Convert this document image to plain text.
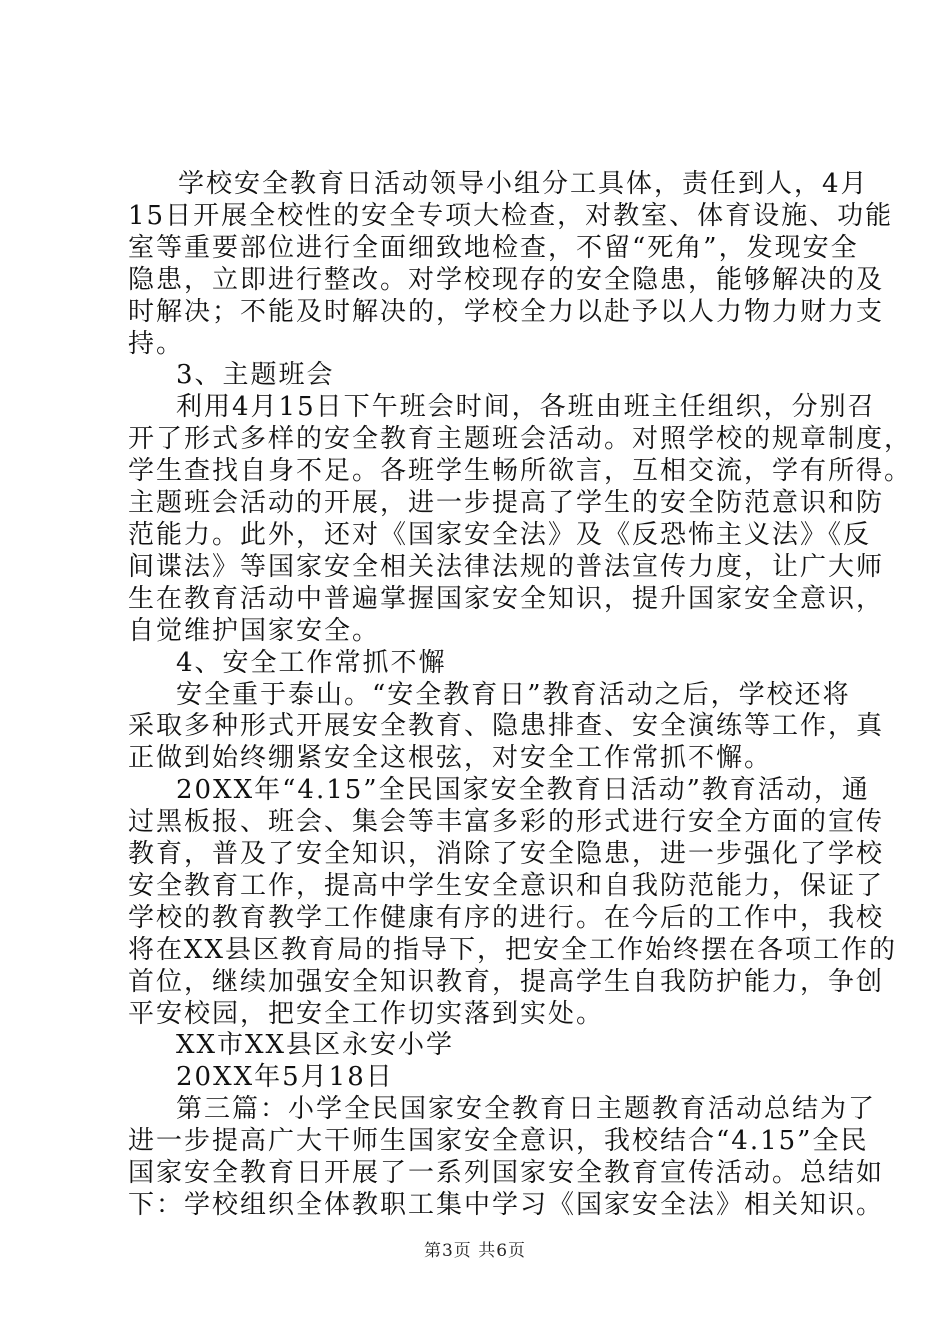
学校安全教育日活动领导小组分工具体，责任到人，4月
15日开展全校性的安全专项大检查，对教室、体育设施、功能
室等重要部位进行全面细致地检查，不留“死角”，发现安全
隐患，立即进行整改。对学校现存的安全隐患，能够解决的及
时解决；不能及时解决的，学校全力以赴予以人力物力财力支
持。
3、主题班会
利用4月15日下午班会时间，各班由班主任组织，分别召
开了形式多样的安全教育主题班会活动。对照学校的规章制度，
学生查找自身不足。各班学生畅所欲言，互相交流，学有所得。
主题班会活动的开展，进一步提高了学生的安全防范意识和防
范能力。此外，还对《国家安全法》及《反恐怖主义法》《反
间谍法》等国家安全相关法律法规的普法宣传力度，让广大师
生在教育活动中普遍掌握国家安全知识，提升国家安全意识，
自觉维护国家安全。
4、安全工作常抓不懈
安全重于泰山。“安全教育日”教育活动之后，学校还将
采取多种形式开展安全教育、隐患排查、安全演练等工作，真
正做到始终绷紧安全这根弦，对安全工作常抓不懈。
20XX年“4.15”全民国家安全教育日活动”教育活动，通
过黑板报、班会、集会等丰富多彩的形式进行安全方面的宣传
教育，普及了安全知识，消除了安全隐患，进一步强化了学校
安全教育工作，提高中学生安全意识和自我防范能力，保证了
学校的教育教学工作健康有序的进行。在今后的工作中，我校
将在XX县区教育局的指导下，把安全工作始终摆在各项工作的
首位，继续加强安全知识教育，提高学生自我防护能力，争创
平安校园，把安全工作切实落到实处。
XX市XX县区永安小学
20XX年5月18日
第三篇：小学全民国家安全教育日主题教育活动总结为了
进一步提高广大干师生国家安全意识，我校结合“4.15”全民
国家安全教育日开展了一系列国家安全教育宣传活动。总结如
下：学校组织全体教职工集中学习《国家安全法》相关知识。
第3页 共6页
